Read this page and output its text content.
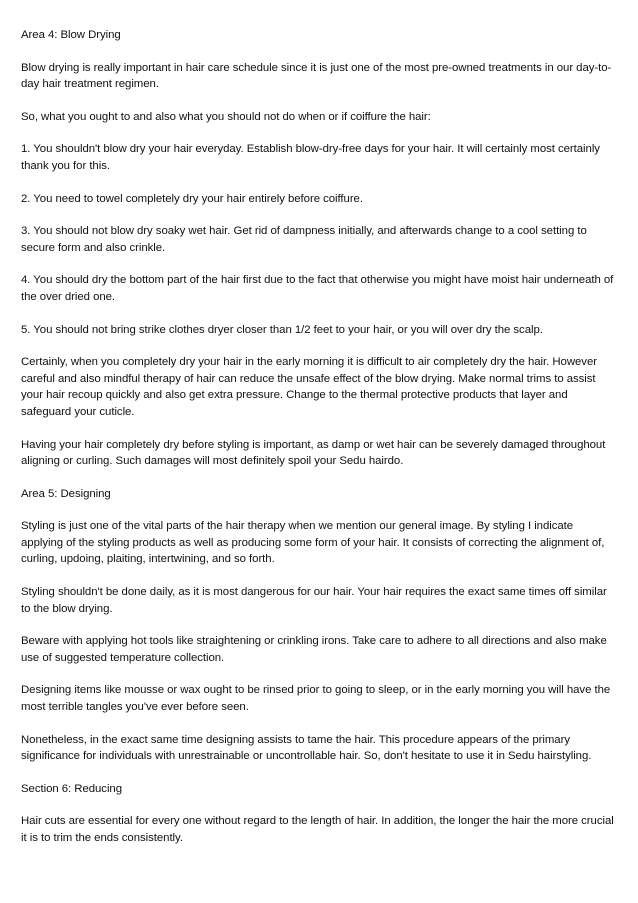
Area 4: Blow Drying

Blow drying is really important in hair care schedule since it is just one of the most pre-owned treatments in our day-to-day hair treatment regimen.

So, what you ought to and also what you should not do when or if coiffure the hair:

1. You shouldn't blow dry your hair everyday. Establish blow-dry-free days for your hair. It will certainly most certainly thank you for this.

2. You need to towel completely dry your hair entirely before coiffure.

3. You should not blow dry soaky wet hair. Get rid of dampness initially, and afterwards change to a cool setting to secure form and also crinkle.

4. You should dry the bottom part of the hair first due to the fact that otherwise you might have moist hair underneath of the over dried one.

5. You should not bring strike clothes dryer closer than 1/2 feet to your hair, or you will over dry the scalp.

Certainly, when you completely dry your hair in the early morning it is difficult to air completely dry the hair. However careful and also mindful therapy of hair can reduce the unsafe effect of the blow drying. Make normal trims to assist your hair recoup quickly and also get extra pressure. Change to the thermal protective products that layer and safeguard your cuticle.

Having your hair completely dry before styling is important, as damp or wet hair can be severely damaged throughout aligning or curling. Such damages will most definitely spoil your Sedu hairdo.

Area 5: Designing

Styling is just one of the vital parts of the hair therapy when we mention our general image. By styling I indicate applying of the styling products as well as producing some form of your hair. It consists of correcting the alignment of, curling, updoing, plaiting, intertwining, and so forth.

Styling shouldn't be done daily, as it is most dangerous for our hair. Your hair requires the exact same times off similar to the blow drying.

Beware with applying hot tools like straightening or crinkling irons. Take care to adhere to all directions and also make use of suggested temperature collection.

Designing items like mousse or wax ought to be rinsed prior to going to sleep, or in the early morning you will have the most terrible tangles you've ever before seen.

Nonetheless, in the exact same time designing assists to tame the hair. This procedure appears of the primary significance for individuals with unrestrainable or uncontrollable hair. So, don't hesitate to use it in Sedu hairstyling.

Section 6: Reducing

Hair cuts are essential for every one without regard to the length of hair. In addition, the longer the hair the more crucial it is to trim the ends consistently.
